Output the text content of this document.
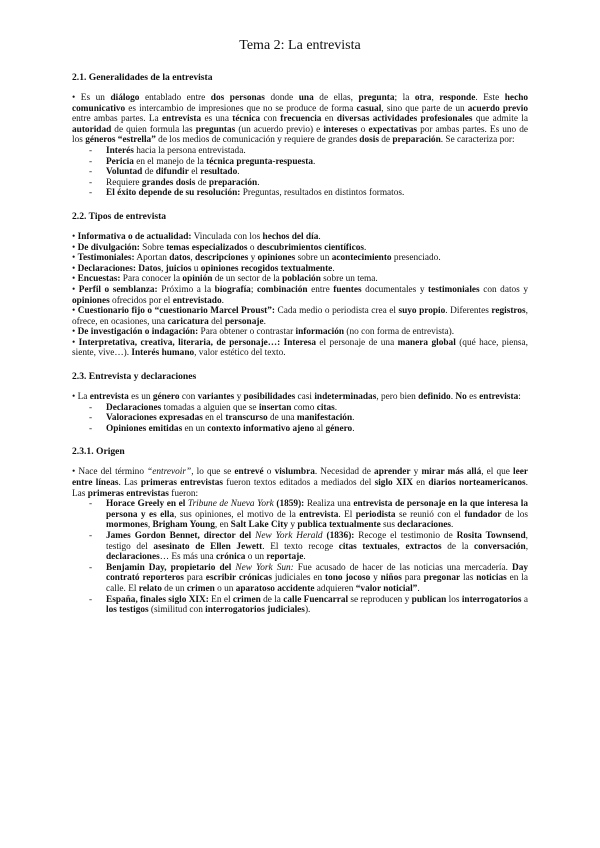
Tema 2: La entrevista
2.1. Generalidades de la entrevista

• Es un diálogo entablado entre dos personas donde una de ellas, pregunta; la otra, responde. Este hecho comunicativo es intercambio de impresiones que no se produce de forma casual, sino que parte de un acuerdo previo entre ambas partes. La entrevista es una técnica con frecuencia en diversas actividades profesionales que admite la autoridad de quien formula las preguntas (un acuerdo previo) e intereses o expectativas por ambas partes. Es uno de los géneros “estrella” de los medios de comunicación y requiere de grandes dosis de preparación. Se caracteriza por:

- Interés hacia la persona entrevistada.
- Pericia en el manejo de la técnica pregunta-respuesta.
- Voluntad de difundir el resultado.
- Requiere grandes dosis de preparación.
- El éxito depende de su resolución: Preguntas, resultados en distintos formatos.
2.2. Tipos de entrevista

• Informativa o de actualidad: Vinculada con los hechos del día.

• De divulgación: Sobre temas especializados o descubrimientos científicos.

• Testimoniales: Aportan datos, descripciones y opiniones sobre un acontecimiento presenciado.

• Declaraciones: Datos, juicios u opiniones recogidos textualmente.

• Encuestas: Para conocer la opinión de un sector de la población sobre un tema.

• Perfil o semblanza: Próximo a la biografía; combinación entre fuentes documentales y testimoniales con datos y opiniones ofrecidos por el entrevistado.

• Cuestionario fijo o “cuestionario Marcel Proust”: Cada medio o periodista crea el suyo propio. Diferentes registros, ofrece, en ocasiones, una caricatura del personaje.

• De investigación o indagación: Para obtener o contrastar información (no con forma de entrevista).

• Interpretativa, creativa, literaria, de personaje…: Interesa el personaje de una manera global (qué hace, piensa, siente, vive…). Interés humano, valor estético del texto.

2.3. Entrevista y declaraciones

• La entrevista es un género con variantes y posibilidades casi indeterminadas, pero bien definido. No es entrevista:

- Declaraciones tomadas a alguien que se insertan como citas.
- Valoraciones expresadas en el transcurso de una manifestación.
- Opiniones emitidas en un contexto informativo ajeno al género.
2.3.1. Origen

• Nace del término “entrevoir”, lo que se entrevé o vislumbra. Necesidad de aprender y mirar más allá, el que leer entre líneas. Las primeras entrevistas fueron textos editados a mediados del siglo XIX en diarios norteamericanos. Las primeras entrevistas fueron:

- Horace Greely en el Tribune de Nueva York (1859): Realiza una entrevista de personaje en la que interesa la persona y es ella, sus opiniones, el motivo de la entrevista. El periodista se reunió con el fundador de los mormones, Brigham Young, en Salt Lake City y publica textualmente sus declaraciones.
- James Gordon Bennet, director del New York Herald (1836): Recoge el testimonio de Rosita Townsend, testigo del asesinato de Ellen Jewett. El texto recoge citas textuales, extractos de la conversación, declaraciones… Es más una crónica o un reportaje.
- Benjamin Day, propietario del New York Sun: Fue acusado de hacer de las noticias una mercadería. Day contrató reporteros para escribir crónicas judiciales en tono jocoso y niños para pregonar las noticias en la calle. El relato de un crimen o un aparatoso accidente adquieren “valor noticial”.
- España, finales siglo XIX: En el crimen de la calle Fuencarral se reproducen y publican los interrogatorios a los testigos (similitud con interrogatorios judiciales).
